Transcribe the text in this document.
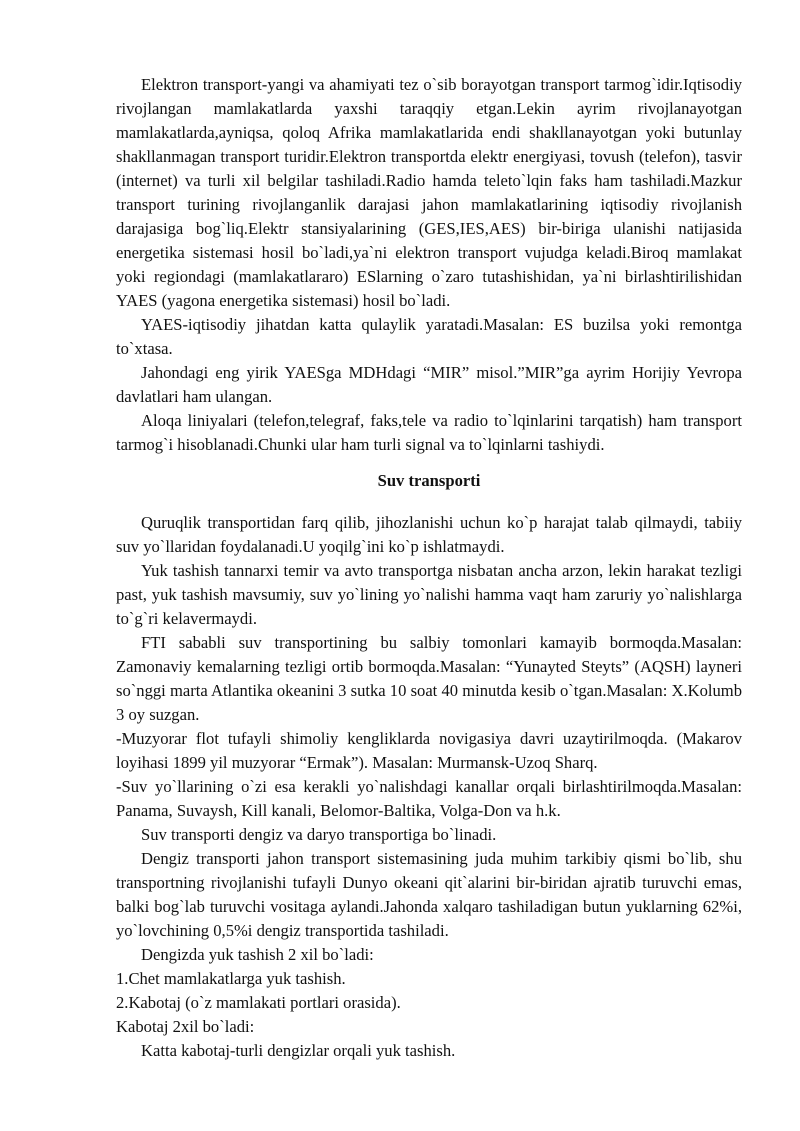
Elektron transport-yangi va ahamiyati tez o`sib borayotgan transport tarmog`idir.Iqtisodiy rivojlangan mamlakatlarda yaxshi taraqqiy etgan.Lekin ayrim rivojlanayotgan mamlakatlarda,ayniqsa, qoloq Afrika mamlakatlarida endi shakllanayotgan yoki butunlay shakllanmagan transport turidir.Elektron transportda elektr energiyasi, tovush (telefon), tasvir (internet) va turli xil belgilar tashiladi.Radio hamda teleto`lqin faks ham tashiladi.Mazkur transport turining rivojlanganlik darajasi jahon mamlakatlarining iqtisodiy rivojlanish darajasiga bog`liq.Elektr stansiyalarining (GES,IES,AES) bir-biriga ulanishi natijasida energetika sistemasi hosil bo`ladi,ya`ni elektron transport vujudga keladi.Biroq mamlakat yoki regiondagi (mamlakatlararo) ESlarning o`zaro tutashishidan, ya`ni birlashtirilishidan YAES (yagona energetika sistemasi) hosil bo`ladi.

YAES-iqtisodiy jihatdan katta qulaylik yaratadi.Masalan: ES buzilsa yoki remontga to`xtasa.

Jahondagi eng yirik YAESga MDHdagi “MIR” misol.”MIR”ga ayrim Horijiy Yevropa davlatlari ham ulangan.

Aloqa liniyalari (telefon,telegraf, faks,tele va radio to`lqinlarini tarqatish) ham transport tarmog`i hisoblanadi.Chunki ular ham turli signal va to`lqinlarni tashiydi.

Suv transporti

Quruqlik transportidan farq qilib, jihozlanishi uchun ko`p harajat talab qilmaydi, tabiiy suv yo`llaridan foydalanadi.U yoqilg`ini ko`p ishlatmaydi.

Yuk tashish tannarxi temir va avto transportga nisbatan ancha arzon, lekin harakat tezligi past, yuk tashish mavsumiy, suv yo`lining yo`nalishi hamma vaqt ham zaruriy yo`nalishlarga to`g`ri kelavermaydi.

FTI sababli suv transportining bu salbiy tomonlari kamayib bormoqda.Masalan: Zamonaviy kemalarning tezligi ortib bormoqda.Masalan: “Yunayted Steyts” (AQSH) layneri so`nggi marta Atlantika okeanini 3 sutka 10 soat 40 minutda kesib o`tgan.Masalan: X.Kolumb 3 oy suzgan.

-Muzyorar flot tufayli shimoliy kengliklarda novigasiya davri uzaytirilmoqda. (Makarov loyihasi 1899 yil muzyorar “Ermak”). Masalan: Murmansk-Uzoq Sharq.

-Suv yo`llarining o`zi esa kerakli yo`nalishdagi kanallar orqali birlashtirilmoqda.Masalan: Panama, Suvaysh, Kill kanali, Belomor-Baltika, Volga-Don va h.k.

Suv transporti dengiz va daryo transportiga bo`linadi.

Dengiz transporti jahon transport sistemasining juda muhim tarkibiy qismi bo`lib, shu transportning rivojlanishi tufayli Dunyo okeani qit`alarini bir-biridan ajratib turuvchi emas, balki bog`lab turuvchi vositaga aylandi.Jahonda xalqaro tashiladigan butun yuklarning 62%i, yo`lovchining 0,5%i dengiz transportida tashiladi.

Dengizda yuk tashish 2 xil bo`ladi:

1.Chet mamlakatlarga yuk tashish.

2.Kabotaj (o`z mamlakati portlari orasida).

Kabotaj 2xil bo`ladi:

Katta kabotaj-turli dengizlar orqali yuk tashish.
